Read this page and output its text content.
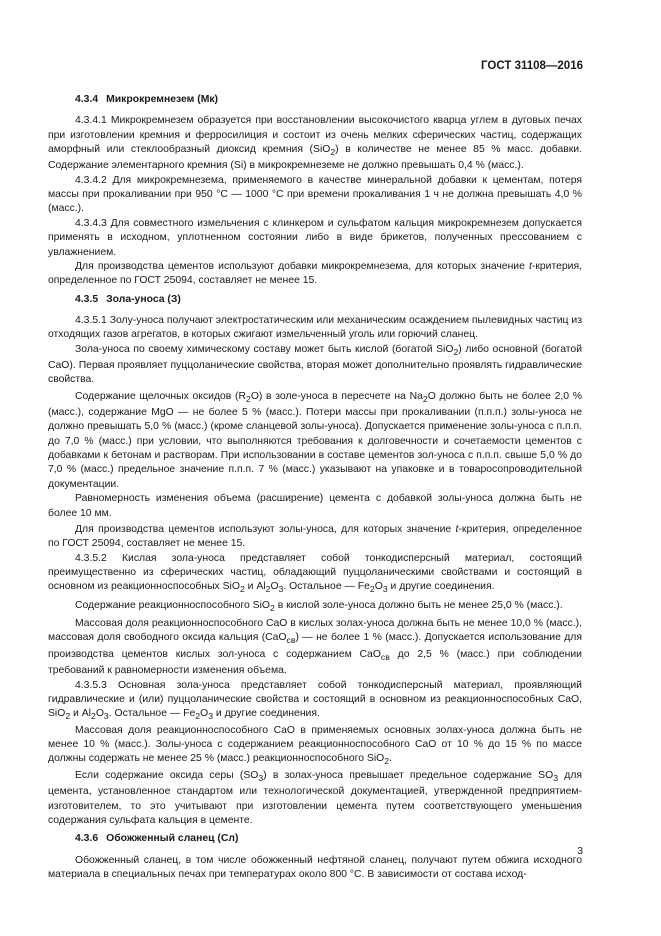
ГОСТ 31108—2016
4.3.4 Микрокремнезем (Мк)

4.3.4.1 Микрокремнезем образуется при восстановлении высокочистого кварца углем в дуговых печах при изготовлении кремния и ферросилиция и состоит из очень мелких сферических частиц, содержащих аморфный или стеклообразный диоксид кремния (SiO$_2$) в количестве не менее 85 % масс. добавки. Содержание элементарного кремния (Si) в микрокремнеземе не должно превышать 0,4 % (масс.).

4.3.4.2 Для микрокремнезема, применяемого в качестве минеральной добавки к цементам, потеря массы при прокаливании при 950 °С — 1000 °С при времени прокаливания 1 ч не должна превышать 4,0 % (масс.).

4.3.4.3 Для совместного измельчения с клинкером и сульфатом кальция микрокремнезем допускается применять в исходном, уплотненном состоянии либо в виде брикетов, полученных прессованием с увлажнением.

Для производства цементов используют добавки микрокремнезема, для которых значение t-критерия, определенное по ГОСТ 25094, составляет не менее 15.

4.3.5 Зола-уноса (З)

4.3.5.1 Золу-уноса получают электростатическим или механическим осаждением пылевидных частиц из отходящих газов агрегатов, в которых сжигают измельченный уголь или горючий сланец.

Зола-уноса по своему химическому составу может быть кислой (богатой SiO$_2$) либо основной (богатой CaO). Первая проявляет пуццоланические свойства, вторая может дополнительно проявлять гидравлические свойства.

Содержание щелочных оксидов $(R_2O)$ в золе-уноса в пересчете на $Na_2O$ должно быть не более 2,0 % (масс.), содержание MgO — не более 5 % (масс.). Потери массы при прокаливании (п.п.п.) золы-уноса не должно превышать 5,0 % (масс.) (кроме сланцевой золы-уноса). Допускается применение золы-уноса с п.п.п. до 7,0 % (масс.) при условии, что выполняются требования к долговечности и сочетаемости цементов с добавками к бетонам и растворам. При использовании в составе цементов зол-уноса с п.п.п. свыше 5,0 % до 7,0 % (масс.) предельное значение п.п.п. 7 % (масс.) указывают на упаковке и в товаросопроводительной документации.

Равномерность изменения объема (расширение) цемента с добавкой золы-уноса должна быть не более 10 мм.

Для производства цементов используют золы-уноса, для которых значение t-критерия, определенное по ГОСТ 25094, составляет не менее 15.

4.3.5.2 Кислая зола-уноса представляет собой тонкодисперсный материал, состоящий преимущественно из сферических частиц, обладающий пуццоланическими свойствами и состоящий в основном из реакционноспособных SiO$_2$ и $Al_2O_3$. Остальное — $Fe_2O_3$ и другие соединения.

Содержание реакционноспособного SiO$_2$ в кислой золе-уноса должно быть не менее 25,0 % (масс.).

Массовая доля реакционноспособного CaO в кислых золах-уноса должна быть не менее 10,0 % (масс.), массовая доля свободного оксида кальция (CaO$_{св}$) — не более 1 % (масс.). Допускается использование для производства цементов кислых зол-уноса с содержанием CaO$_{св}$ до 2,5 % (масс.) при соблюдении требований к равномерности изменения объема.

4.3.5.3 Основная зола-уноса представляет собой тонкодисперсный материал, проявляющий гидравлические и (или) пуццоланические свойства и состоящий в основном из реакционноспособных CaO, SiO$_2$ и $Al_2O_3$. Остальное — $Fe_2O_3$ и другие соединения.

Массовая доля реакционноспособного CaO в применяемых основных золах-уноса должна быть не менее 10 % (масс.). Золы-уноса с содержанием реакционноспособного CaO от 10 % до 15 % по массе должны содержать не менее 25 % (масс.) реакционноспособного SiO$_2$.

Если содержание оксида серы $(SO_3)$ в золах-уноса превышает предельное содержание $SO_3$ для цемента, установленное стандартом или технологической документацией, утвержденной предприятием-изготовителем, то это учитывают при изготовлении цемента путем соответствующего уменьшения содержания сульфата кальция в цементе.

4.3.6 Обожженный сланец (Сл)

Обожженный сланец, в том числе обожженный нефтяной сланец, получают путем обжига исходного материала в специальных печах при температурах около 800 °С. В зависимости от состава исход-

3
